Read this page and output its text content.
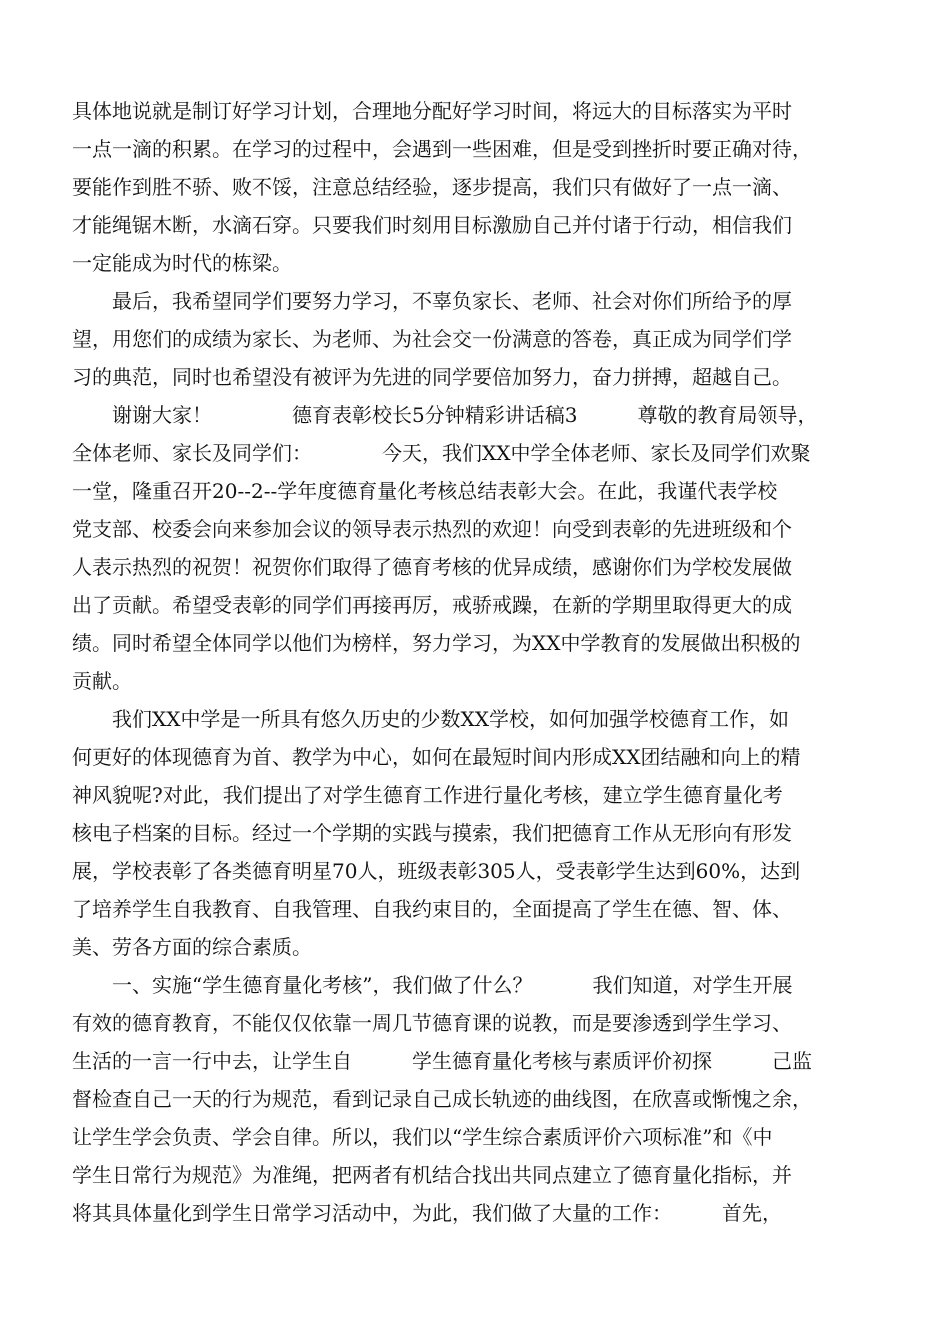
具体地说就是制订好学习计划，合理地分配好学习时间，将远大的目标落实为平时
一点一滴的积累。在学习的过程中，会遇到一些困难，但是受到挫折时要正确对待，
要能作到胜不骄、败不馁，注意总结经验，逐步提高，我们只有做好了一点一滴、
才能绳锯木断，水滴石穿。只要我们时刻用目标激励自己并付诸于行动，相信我们
一定能成为时代的栋梁。
　　最后，我希望同学们要努力学习，不辜负家长、老师、社会对你们所给予的厚
望，用您们的成绩为家长、为老师、为社会交一份满意的答卷，真正成为同学们学
习的典范，同时也希望没有被评为先进的同学要倍加努力，奋力拼搏，超越自己。
　　谢谢大家！　　　　德育表彰校长5分钟精彩讲话稿3　　　尊敬的教育局领导，
全体老师、家长及同学们：　　　　今天，我们XX中学全体老师、家长及同学们欢聚
一堂，隆重召开20--2--学年度德育量化考核总结表彰大会。在此，我谨代表学校
党支部、校委会向来参加会议的领导表示热烈的欢迎！向受到表彰的先进班级和个
人表示热烈的祝贺！祝贺你们取得了德育考核的优异成绩，感谢你们为学校发展做
出了贡献。希望受表彰的同学们再接再厉，戒骄戒躁，在新的学期里取得更大的成
绩。同时希望全体同学以他们为榜样，努力学习，为XX中学教育的发展做出积极的
贡献。
　　我们XX中学是一所具有悠久历史的少数XX学校，如何加强学校德育工作，如
何更好的体现德育为首、教学为中心，如何在最短时间内形成XX团结融和向上的精
神风貌呢?对此，我们提出了对学生德育工作进行量化考核，建立学生德育量化考
核电子档案的目标。经过一个学期的实践与摸索，我们把德育工作从无形向有形发
展，学校表彰了各类德育明星70人，班级表彰305人，受表彰学生达到60%，达到
了培养学生自我教育、自我管理、自我约束目的，全面提高了学生在德、智、体、
美、劳各方面的综合素质。
　　一、实施“学生德育量化考核”，我们做了什么？　　　我们知道，对学生开展
有效的德育教育，不能仅仅依靠一周几节德育课的说教，而是要渗透到学生学习、
生活的一言一行中去，让学生自　　　学生德育量化考核与素质评价初探　　　己监
督检查自己一天的行为规范，看到记录自己成长轨迹的曲线图，在欣喜或惭愧之余，
让学生学会负责、学会自律。所以，我们以“学生综合素质评价六项标准”和《中
学生日常行为规范》为准绳，把两者有机结合找出共同点建立了德育量化指标，并
将其具体量化到学生日常学习活动中，为此，我们做了大量的工作：　　　首先，
